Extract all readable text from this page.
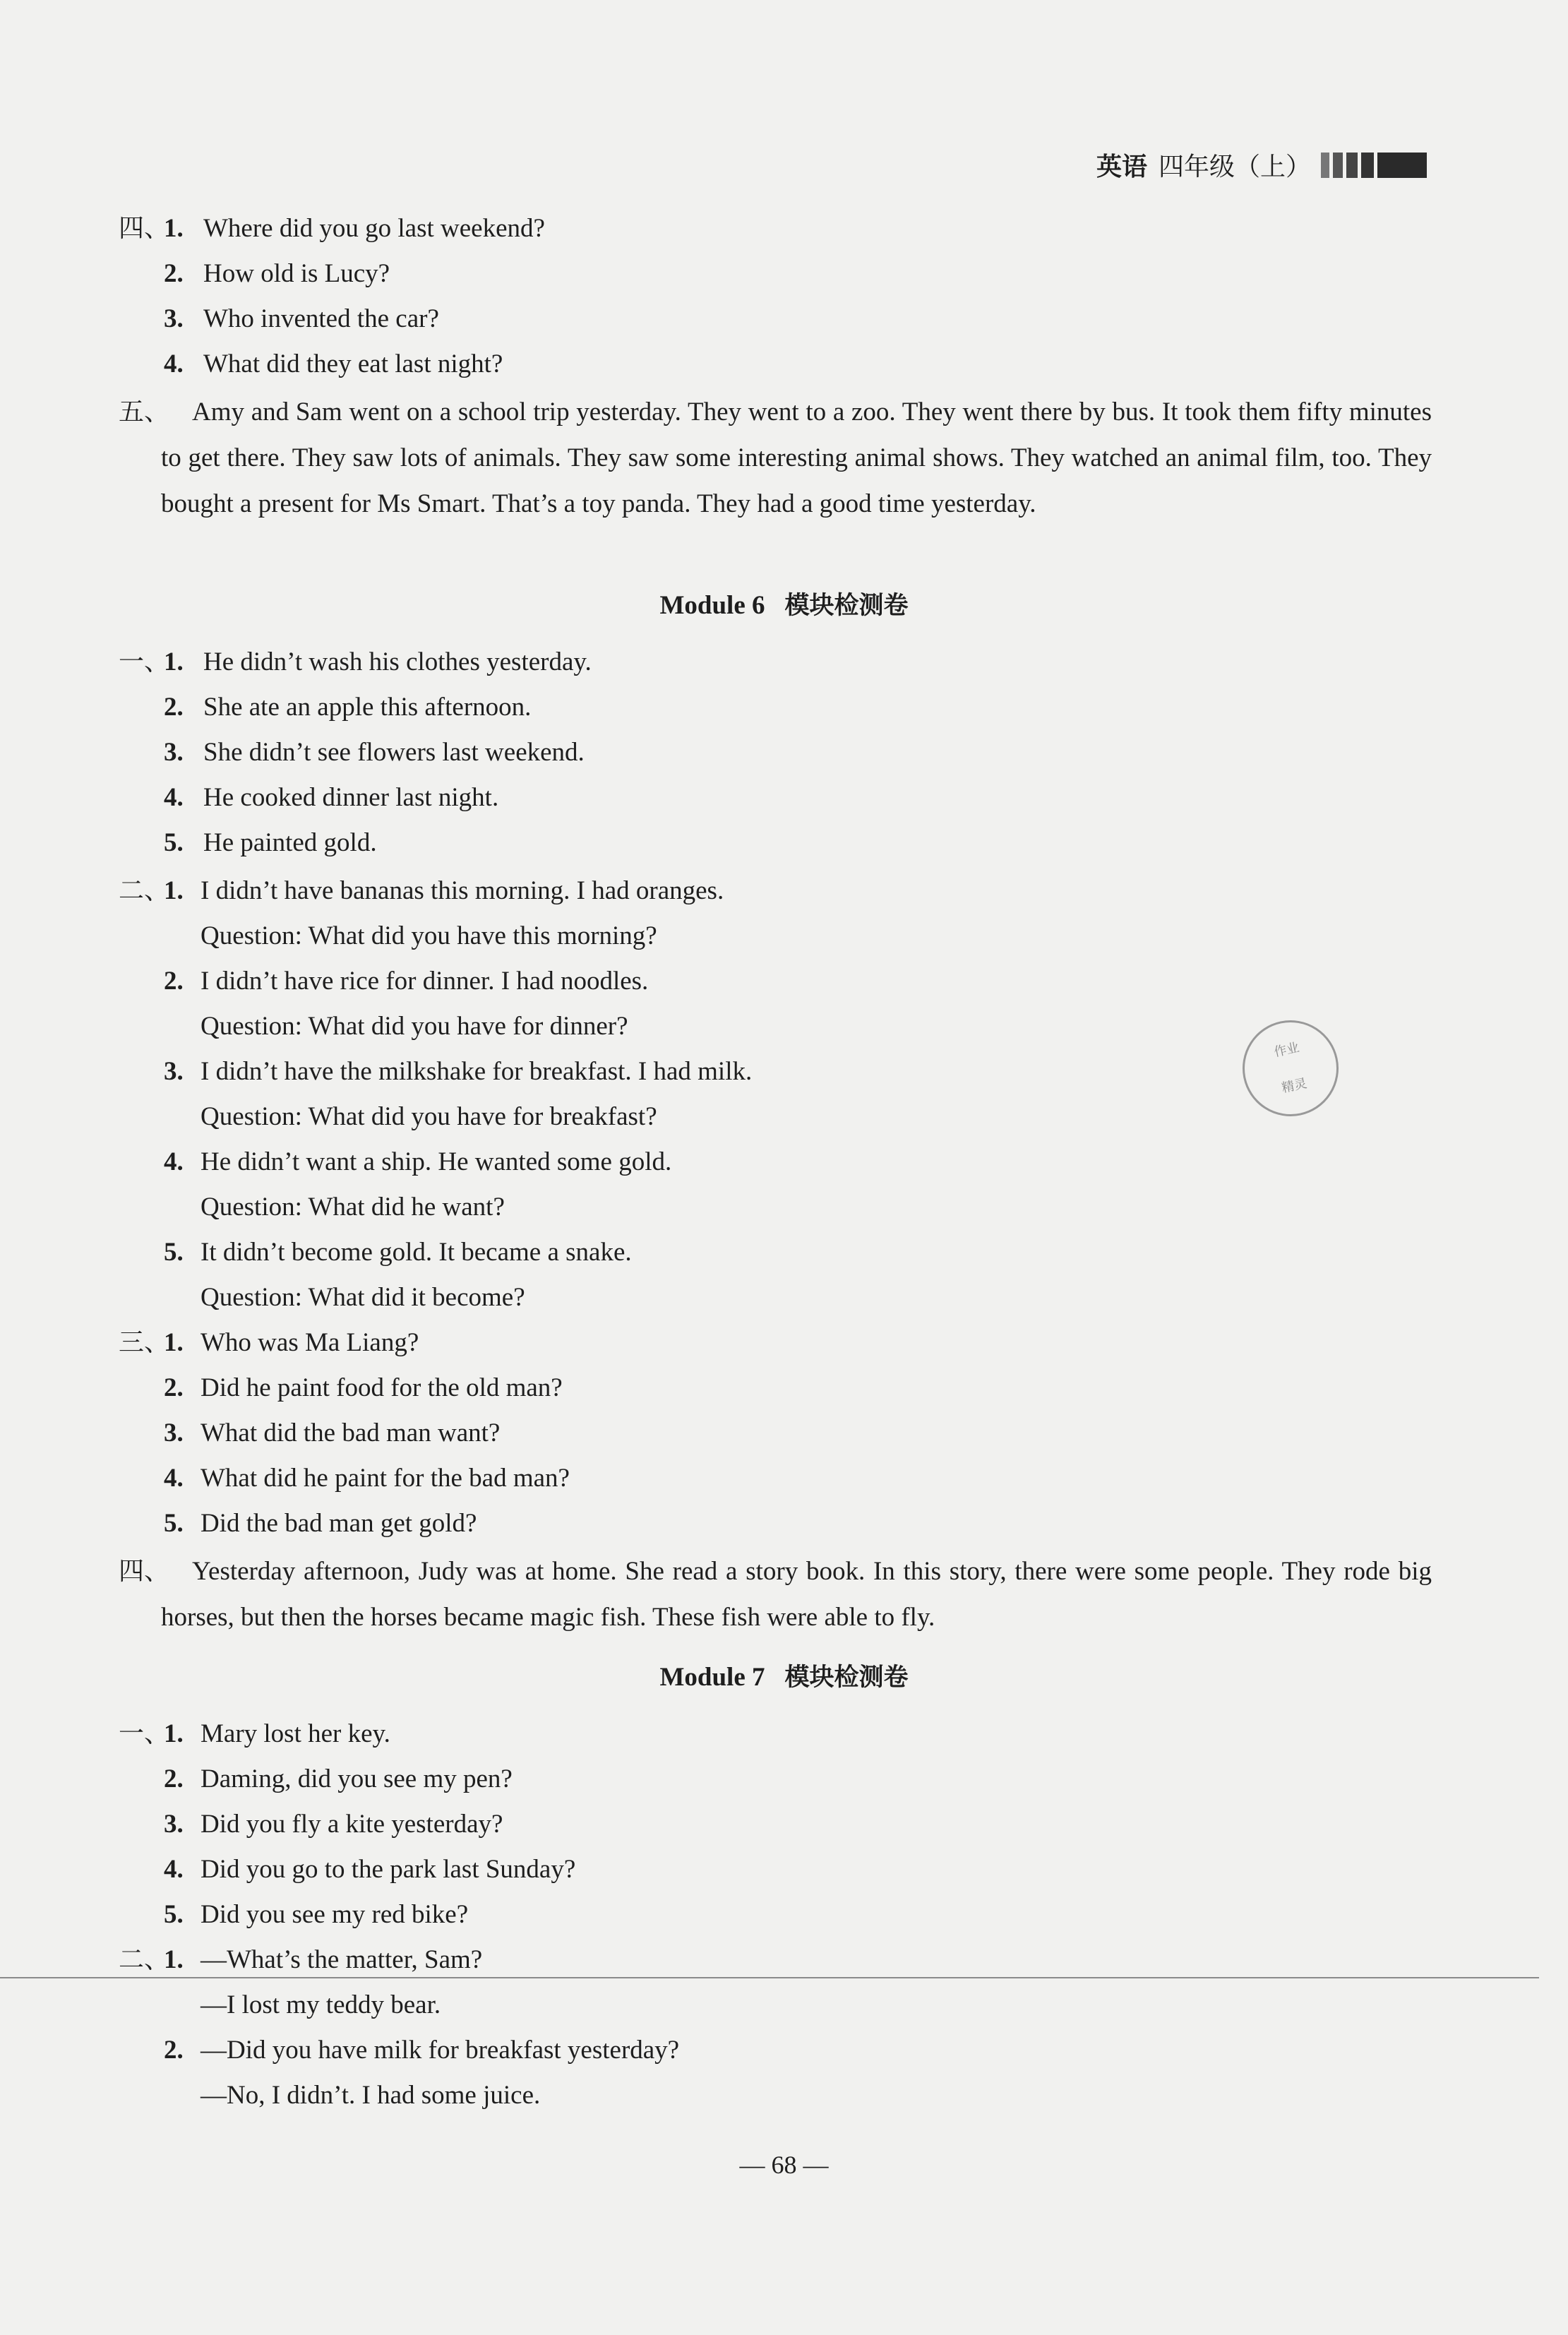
英语 四年级（上）
四、
1. Where did you go last weekend?
2. How old is Lucy?
3. Who invented the car?
4. What did they eat last night?
五、 Amy and Sam went on a school trip yesterday. They went to a zoo. They went there by bus. It took them fifty minutes to get there. They saw lots of animals. They saw some interesting animal shows. They watched an animal film, too. They bought a present for Ms Smart. That’s a toy panda. They had a good time yesterday.
Module 6 模块检测卷
一、
1. He didn’t wash his clothes yesterday.
2. She ate an apple this afternoon.
3. She didn’t see flowers last weekend.
4. He cooked dinner last night.
5. He painted gold.
二、
1. I didn’t have bananas this morning. I had oranges.
Question: What did you have this morning?
2. I didn’t have rice for dinner. I had noodles.
Question: What did you have for dinner?
3. I didn’t have the milkshake for breakfast. I had milk.
Question: What did you have for breakfast?
4. He didn’t want a ship. He wanted some gold.
Question: What did he want?
5. It didn’t become gold. It became a snake.
Question: What did it become?
三、
1. Who was Ma Liang?
2. Did he paint food for the old man?
3. What did the bad man want?
4. What did he paint for the bad man?
5. Did the bad man get gold?
四、 Yesterday afternoon, Judy was at home. She read a story book. In this story, there were some people. They rode big horses, but then the horses became magic fish. These fish were able to fly.
Module 7 模块检测卷
一、
1. Mary lost her key.
2. Daming, did you see my pen?
3. Did you fly a kite yesterday?
4. Did you go to the park last Sunday?
5. Did you see my red bike?
二、
1. —What’s the matter, Sam?
—I lost my teddy bear.
2. —Did you have milk for breakfast yesterday?
—No, I didn’t. I had some juice.
作业
精灵
— 68 —
